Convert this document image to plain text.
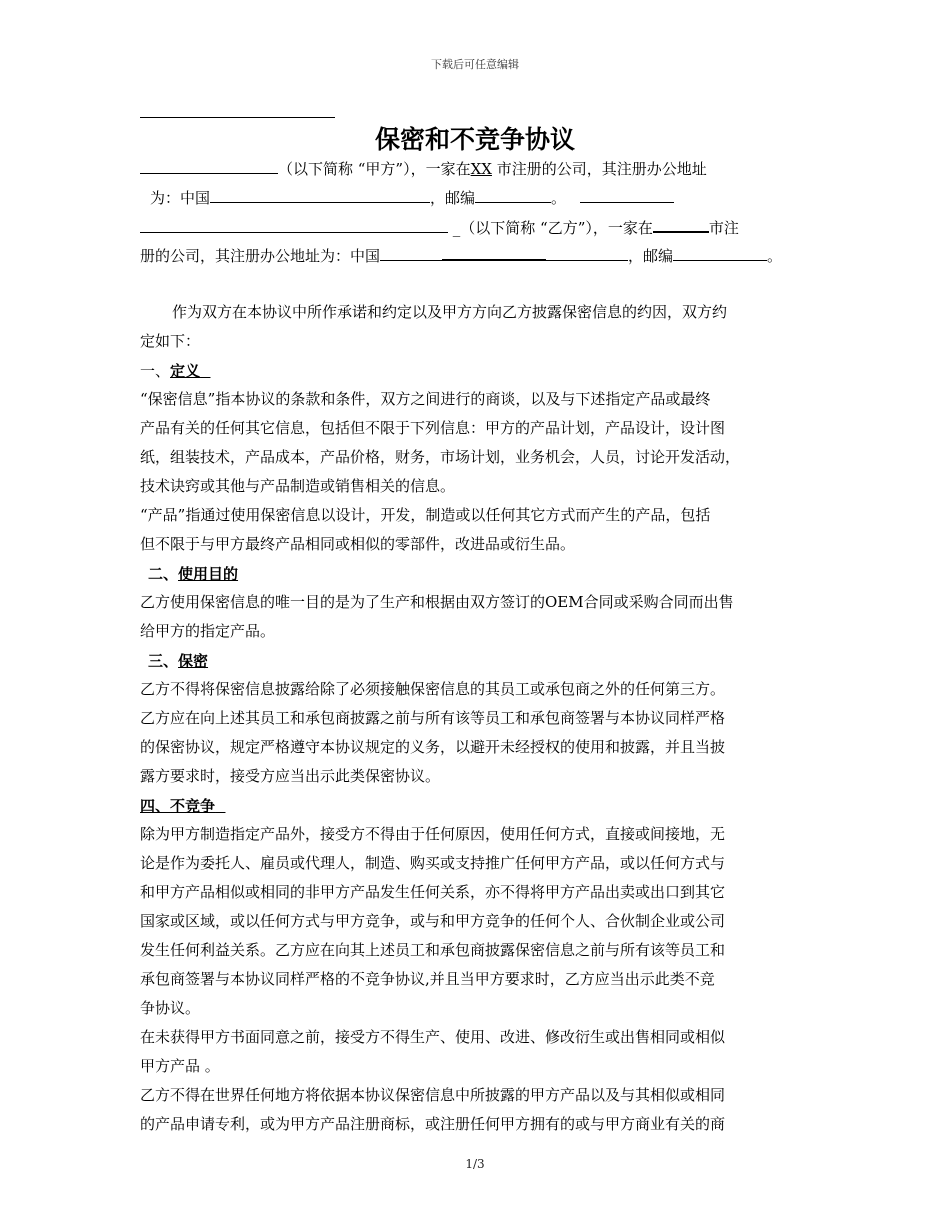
下载后可任意编辑
保密和不竞争协议
（以下简称 “甲方”），一家在XX 市注册的公司，其注册办公地址
为：中国	，邮编	。
_（以下简称 “乙方”），一家在	市注
册的公司，其注册办公地址为：中国	，邮编	。
作为双方在本协议中所作承诺和约定以及甲方方向乙方披露保密信息的约因，双方约
定如下：
一、定义
“保密信息”指本协议的条款和条件，双方之间进行的商谈，以及与下述指定产品或最终
产品有关的任何其它信息，包括但不限于下列信息：甲方的产品计划，产品设计，设计图
纸，组装技术，产品成本，产品价格，财务，市场计划，业务机会，人员，讨论开发活动，
技术诀窍或其他与产品制造或销售相关的信息。
“产品”指通过使用保密信息以设计，开发，制造或以任何其它方式而产生的产品，包括
但不限于与甲方最终产品相同或相似的零部件，改进品或衍生品。
二、使用目的
乙方使用保密信息的唯一目的是为了生产和根据由双方签订的OEM合同或采购合同而出售
给甲方的指定产品。
三、保密
乙方不得将保密信息披露给除了必须接触保密信息的其员工或承包商之外的任何第三方。
乙方应在向上述其员工和承包商披露之前与所有该等员工和承包商签署与本协议同样严格
的保密协议，规定严格遵守本协议规定的义务，以避开未经授权的使用和披露，并且当披
露方要求时，接受方应当出示此类保密协议。
四、不竞争
除为甲方制造指定产品外，接受方不得由于任何原因，使用任何方式，直接或间接地，无
论是作为委托人、雇员或代理人，制造、购买或支持推广任何甲方产品，或以任何方式与
和甲方产品相似或相同的非甲方产品发生任何关系，亦不得将甲方产品出卖或出口到其它
国家或区域，或以任何方式与甲方竞争，或与和甲方竞争的任何个人、合伙制企业或公司
发生任何利益关系。乙方应在向其上述员工和承包商披露保密信息之前与所有该等员工和
承包商签署与本协议同样严格的不竞争协议,并且当甲方要求时，乙方应当出示此类不竞
争协议。
在未获得甲方书面同意之前，接受方不得生产、使用、改进、修改衍生或出售相同或相似
甲方产品 。
乙方不得在世界任何地方将依据本协议保密信息中所披露的甲方产品以及与其相似或相同
的产品申请专利，或为甲方产品注册商标，或注册任何甲方拥有的或与甲方商业有关的商
1/3
